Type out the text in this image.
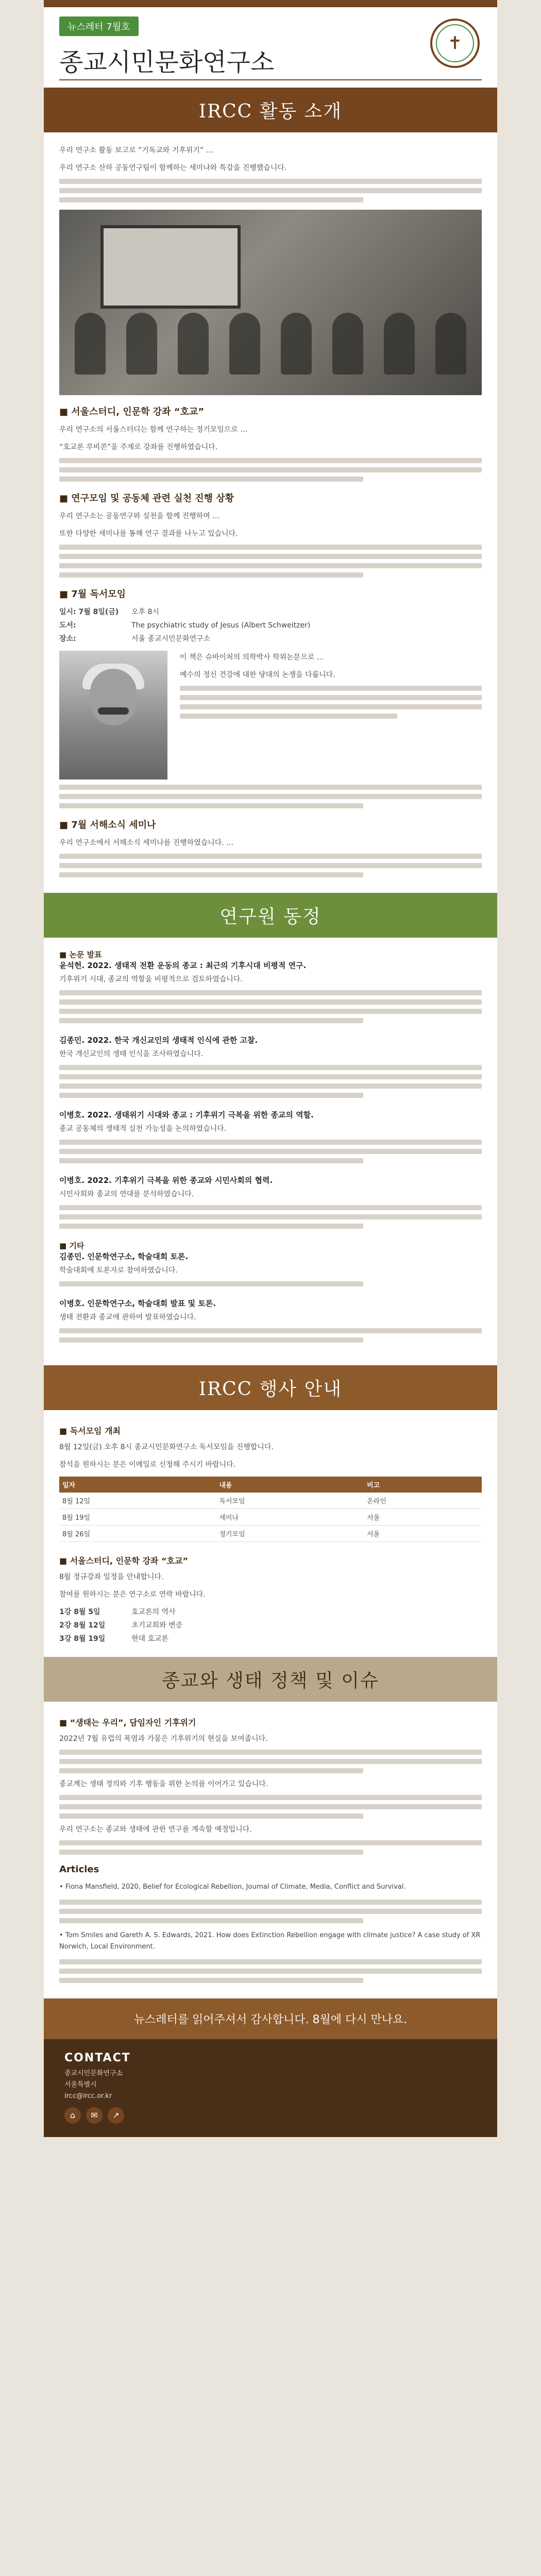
뉴스레터 7월호
종교시민문화연구소
✝
IRCC 활동 소개

우리 연구소 활동 보고로 “기독교와 기후위기” …

우리 연구소 산하 공동연구팀이 함께하는 세미나와 특강을 진행했습니다.

■ 서울스터디, 인문학 강좌 “호교”

우리 연구소의 서울스터디는 함께 연구하는 정기모임으로 …

“호교론 루비콘”을 주제로 강좌를 진행하였습니다.

■ 연구모임 및 공동체 관련 실천 진행 상황

우리 연구소는 공동연구와 실천을 함께 진행하며 …

또한 다양한 세미나를 통해 연구 결과를 나누고 있습니다.

■ 7월 독서모임
일시: 7월 8일(금)	오후 8시
도서:	The psychiatric study of Jesus (Albert Schweitzer)
장소:	서울 종교시민문화연구소

이 책은 슈바이처의 의학박사 학위논문으로 …

예수의 정신 건강에 대한 당대의 논쟁을 다룹니다.

■ 7월 서해소식 세미나

우리 연구소에서 서해소식 세미나를 진행하였습니다. …

연구원 동정
■ 논문 발표
윤석헌. 2022. 생태적 전환 운동의 종교 : 최근의 기후시대 비평적 연구.

기후위기 시대, 종교의 역할을 비평적으로 검토하였습니다.

김종민. 2022. 한국 개신교인의 생태적 인식에 관한 고찰.

한국 개신교인의 생태 인식을 조사하였습니다.

이병호. 2022. 생태위기 시대와 종교 : 기후위기 극복을 위한 종교의 역할.

종교 공동체의 생태적 실천 가능성을 논의하였습니다.

이병호. 2022. 기후위기 극복을 위한 종교와 시민사회의 협력.

시민사회와 종교의 연대를 분석하였습니다.

■ 기타
김종민. 인문학연구소, 학술대회 토론.

학술대회에 토론자로 참여하였습니다.

이병호. 인문학연구소, 학술대회 발표 및 토론.

생태 전환과 종교에 관하여 발표하였습니다.

IRCC 행사 안내
■ 독서모임 개최

8월 12일(금) 오후 8시 종교시민문화연구소 독서모임을 진행합니다.

참석을 원하시는 분은 이메일로 신청해 주시기 바랍니다.

일자	내용	비고
8월 12일	독서모임	온라인
8월 19일	세미나	서울
8월 26일	정기모임	서울
■ 서울스터디, 인문학 강좌 “호교”

8월 정규강좌 일정을 안내합니다.

참여를 원하시는 분은 연구소로 연락 바랍니다.

1강 8월 5일	호교론의 역사
2강 8월 12일	초기교회와 변증
3강 8월 19일	현대 호교론
종교와 생태 정책 및 이슈
■ “생태는 우리”, 담임자인 기후위기

2022년 7월 유럽의 폭염과 가뭄은 기후위기의 현실을 보여줍니다.

종교계는 생태 정의와 기후 행동을 위한 논의를 이어가고 있습니다.

우리 연구소는 종교와 생태에 관한 연구를 계속할 예정입니다.

Articles

• Fiona Mansfield, 2020, Belief for Ecological Rebellion, Journal of Climate, Media, Conflict and Survival.

• Tom Smiles and Gareth A. S. Edwards, 2021. How does Extinction Rebellion engage with climate justice? A case study of XR Norwich, Local Environment.

뉴스레터를 읽어주셔서 감사합니다. 8월에 다시 만나요.
CONTACT
종교시민문화연구소
서울특별시
ircc@ircc.or.kr
⌂	✉	↗
